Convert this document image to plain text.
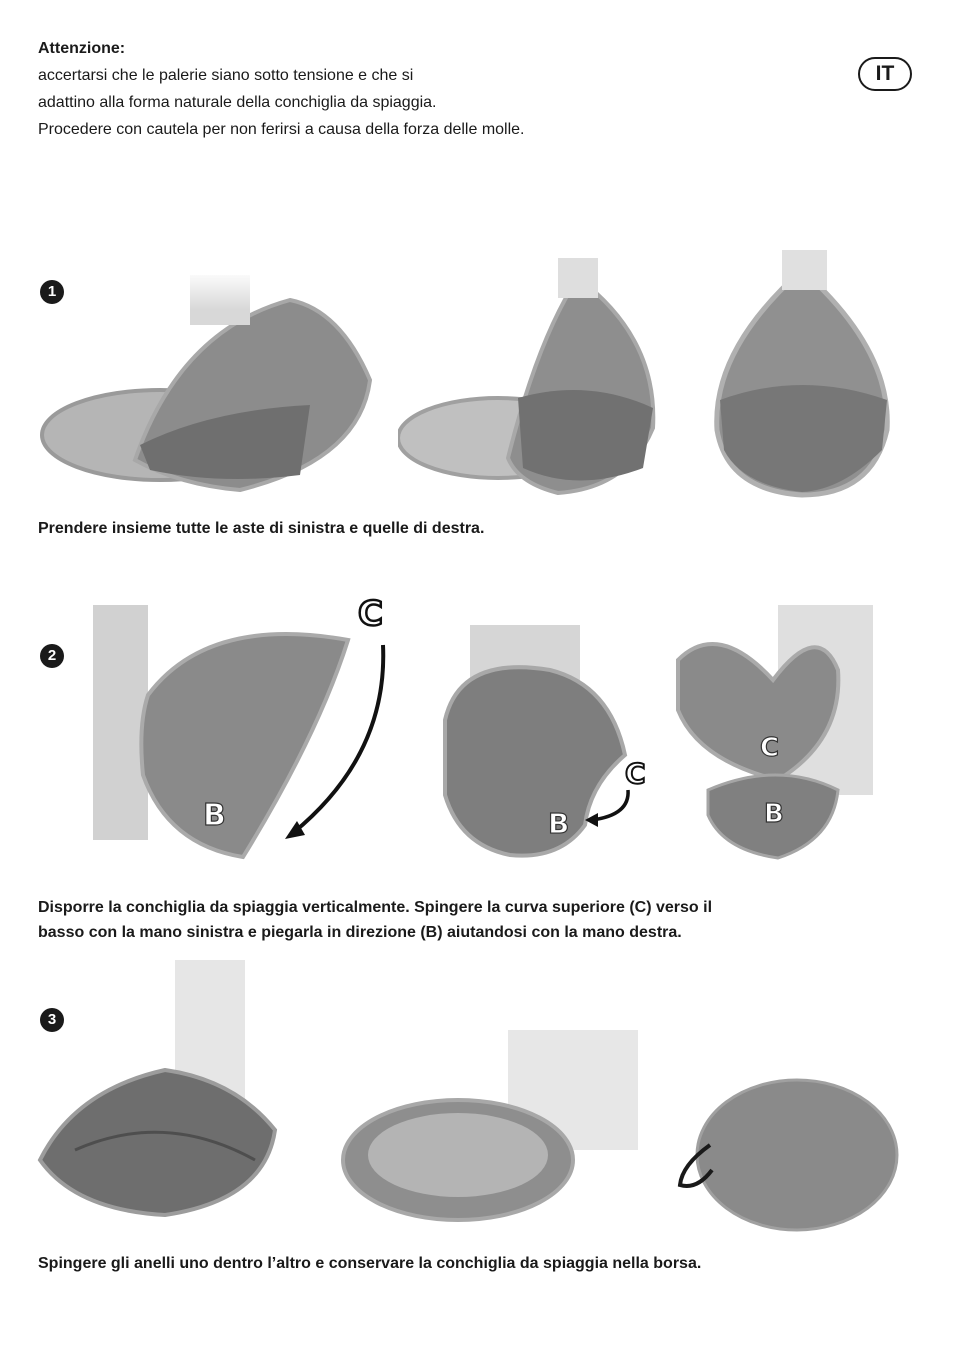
Attenzione:
accertarsi che le palerie siano sotto tensione e che si
adattino alla forma naturale della conchiglia da spiaggia.
Procedere con cautela per non ferirsi a causa della forza delle molle.
IT
1
Prendere insieme tutte le aste di sinistra e quelle di destra.
2
B
C
B
C
C
B
Disporre la conchiglia da spiaggia verticalmente. Spingere la curva superiore (C) verso il
basso con la mano sinistra e piegarla in direzione (B) aiutandosi con la mano destra.
3
Spingere gli anelli uno dentro l’altro e conservare la conchiglia da spiaggia nella borsa.
